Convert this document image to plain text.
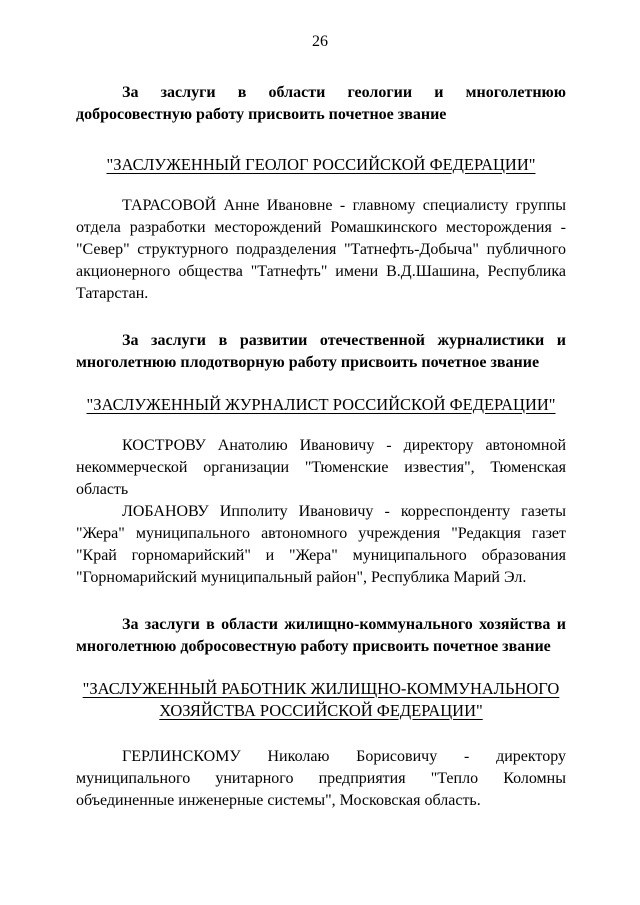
26

За заслуги в области геологии и многолетнюю добросовестную работу присвоить почетное звание

"ЗАСЛУЖЕННЫЙ ГЕОЛОГ РОССИЙСКОЙ ФЕДЕРАЦИИ"

ТАРАСОВОЙ Анне Ивановне - главному специалисту группы отдела разработки месторождений Ромашкинского месторождения - "Север" структурного подразделения "Татнефть-Добыча" публичного акционерного общества "Татнефть" имени В.Д.Шашина, Республика Татарстан.

За заслуги в развитии отечественной журналистики и многолетнюю плодотворную работу присвоить почетное звание

"ЗАСЛУЖЕННЫЙ ЖУРНАЛИСТ РОССИЙСКОЙ ФЕДЕРАЦИИ"

КОСТРОВУ Анатолию Ивановичу - директору автономной некоммерческой организации "Тюменские известия", Тюменская область

ЛОБАНОВУ Ипполиту Ивановичу - корреспонденту газеты "Жера" муниципального автономного учреждения "Редакция газет "Край горномарийский" и "Жера" муниципального образования "Горномарийский муниципальный район", Республика Марий Эл.

За заслуги в области жилищно-коммунального хозяйства и многолетнюю добросовестную работу присвоить почетное звание

"ЗАСЛУЖЕННЫЙ РАБОТНИК ЖИЛИЩНО-КОММУНАЛЬНОГО
ХОЗЯЙСТВА РОССИЙСКОЙ ФЕДЕРАЦИИ"

ГЕРЛИНСКОМУ Николаю Борисовичу - директору муниципального унитарного предприятия "Тепло Коломны объединенные инженерные системы", Московская область.
